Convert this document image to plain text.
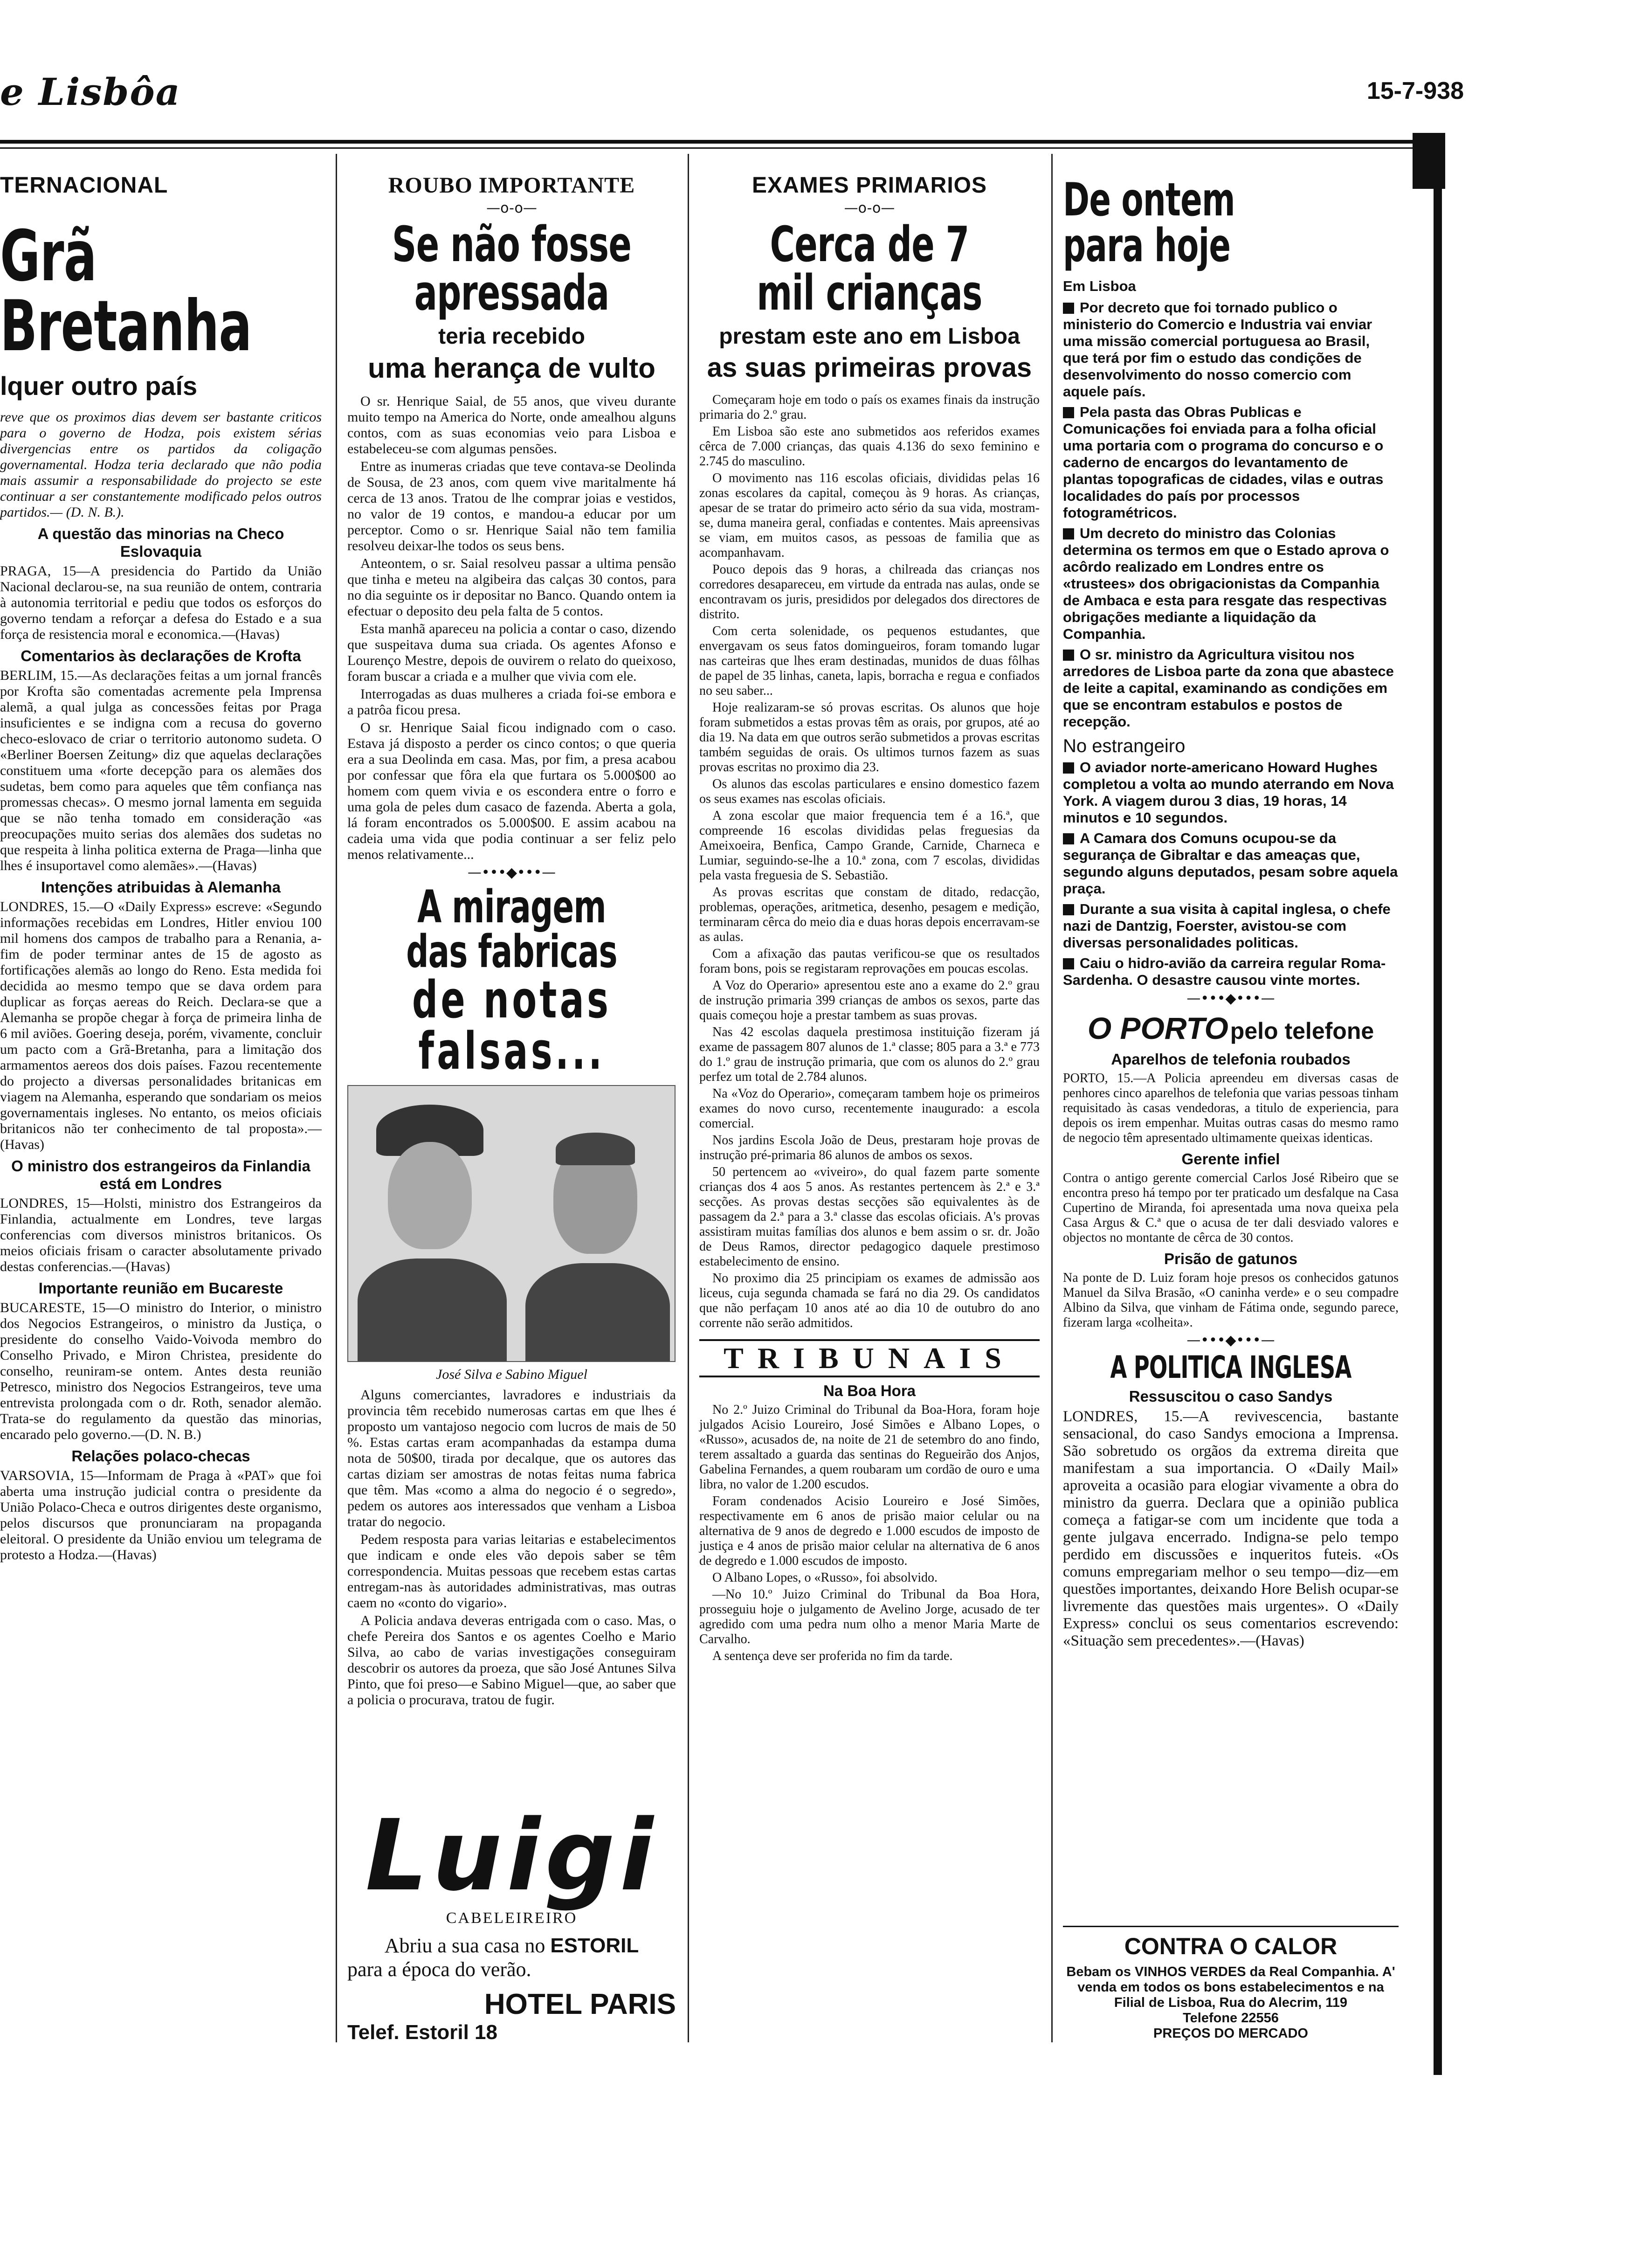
e Lisbôa	15-7-938
TERNACIONAL
Grã Bretanha
lquer outro país
reve que os proximos dias devem ser bastante criticos para o governo de Hodza, pois existem sérias divergencias entre os partidos da coligação governamental. Hodza teria declarado que não podia mais assumir a responsabilidade do projecto se este continuar a ser constantemente modificado pelos outros partidos.— (D. N. B.).
A questão das minorias na Checo Eslovaquia
PRAGA, 15—A presidencia do Partido da União Nacional declarou-se, na sua reunião de ontem, contraria à autonomia territorial e pediu que todos os esforços do governo tendam a reforçar a defesa do Estado e a sua força de resistencia moral e economica.—(Havas)
Comentarios às declarações de Krofta
BERLIM, 15.—As declarações feitas a um jornal francês por Krofta são comentadas acremente pela Imprensa alemã, a qual julga as concessões feitas por Praga insuficientes e se indigna com a recusa do governo checo-eslovaco de criar o territorio autonomo sudeta. O «Berliner Boersen Zeitung» diz que aquelas declarações constituem uma «forte decepção para os alemães dos sudetas, bem como para aqueles que têm confiança nas promessas checas». O mesmo jornal lamenta em seguida que se não tenha tomado em consideração «as preocupações muito serias dos alemães dos sudetas no que respeita à linha politica externa de Praga—linha que lhes é insuportavel como alemães».—(Havas)
Intenções atribuidas à Alemanha
LONDRES, 15.—O «Daily Express» escreve: «Segundo informações recebidas em Londres, Hitler enviou 100 mil homens dos campos de trabalho para a Renania, a-fim de poder terminar antes de 15 de agosto as fortificações alemãs ao longo do Reno. Esta medida foi decidida ao mesmo tempo que se dava ordem para duplicar as forças aereas do Reich. Declara-se que a Alemanha se propõe chegar à força de primeira linha de 6 mil aviões. Goering deseja, porém, vivamente, concluir um pacto com a Grã-Bretanha, para a limitação dos armamentos aereos dos dois países. Fazou recentemente do projecto a diversas personalidades britanicas em viagem na Alemanha, esperando que sondariam os meios governamentais ingleses. No entanto, os meios oficiais britanicos não ter conhecimento de tal proposta».—(Havas)
O ministro dos estrangeiros da Finlandia está em Londres
LONDRES, 15—Holsti, ministro dos Estrangeiros da Finlandia, actualmente em Londres, teve largas conferencias com diversos ministros britanicos. Os meios oficiais frisam o caracter absolutamente privado destas conferencias.—(Havas)
Importante reunião em Bucareste
BUCARESTE, 15—O ministro do Interior, o ministro dos Negocios Estrangeiros, o ministro da Justiça, o presidente do conselho Vaido-Voivoda membro do Conselho Privado, e Miron Christea, presidente do conselho, reuniram-se ontem. Antes desta reunião Petresco, ministro dos Negocios Estrangeiros, teve uma entrevista prolongada com o dr. Roth, senador alemão. Trata-se do regulamento da questão das minorias, encarado pelo governo.—(D. N. B.)
Relações polaco-checas
VARSOVIA, 15—Informam de Praga à «PAT» que foi aberta uma instrução judicial contra o presidente da União Polaco-Checa e outros dirigentes deste organismo, pelos discursos que pronunciaram na propaganda eleitoral. O presidente da União enviou um telegrama de protesto a Hodza.—(Havas)
ROUBO IMPORTANTE
—o-o—
Se não fosse apressada
teria recebido
uma herança de vulto

O sr. Henrique Saial, de 55 anos, que viveu durante muito tempo na America do Norte, onde amealhou alguns contos, com as suas economias veio para Lisboa e estabeleceu-se com algumas pensões.

Entre as inumeras criadas que teve contava-se Deolinda de Sousa, de 23 anos, com quem vive maritalmente há cerca de 13 anos. Tratou de lhe comprar joias e vestidos, no valor de 19 contos, e mandou-a educar por um perceptor. Como o sr. Henrique Saial não tem familia resolveu deixar-lhe todos os seus bens.

Anteontem, o sr. Saial resolveu passar a ultima pensão que tinha e meteu na algibeira das calças 30 contos, para no dia seguinte os ir depositar no Banco. Quando ontem ia efectuar o deposito deu pela falta de 5 contos.

Esta manhã apareceu na policia a contar o caso, dizendo que suspeitava duma sua criada. Os agentes Afonso e Lourenço Mestre, depois de ouvirem o relato do queixoso, foram buscar a criada e a mulher que vivia com ele.

Interrogadas as duas mulheres a criada foi-se embora e a patrôa ficou presa.

O sr. Henrique Saial ficou indignado com o caso. Estava já disposto a perder os cinco contos; o que queria era a sua Deolinda em casa. Mas, por fim, a presa acabou por confessar que fôra ela que furtara os 5.000$00 ao homem com quem vivia e os escondera entre o forro e uma gola de peles dum casaco de fazenda. Aberta a gola, lá foram encontrados os 5.000$00. E assim acabou na cadeia uma vida que podia continuar a ser feliz pelo menos relativamente...

—•••◆•••—
A miragem das fabricas
de notas falsas...
José Silva e Sabino Miguel

Alguns comerciantes, lavradores e industriais da provincia têm recebido numerosas cartas em que lhes é proposto um vantajoso negocio com lucros de mais de 50 %. Estas cartas eram acompanhadas da estampa duma nota de 50$00, tirada por decalque, que os autores das cartas diziam ser amostras de notas feitas numa fabrica que têm. Mas «como a alma do negocio é o segredo», pedem os autores aos interessados que venham a Lisboa tratar do negocio.

Pedem resposta para varias leitarias e estabelecimentos que indicam e onde eles vão depois saber se têm correspondencia. Muitas pessoas que recebem estas cartas entregam-nas às autoridades administrativas, mas outras caem no «conto do vigario».

A Policia andava deveras entrigada com o caso. Mas, o chefe Pereira dos Santos e os agentes Coelho e Mario Silva, ao cabo de varias investigações conseguiram descobrir os autores da proeza, que são José Antunes Silva Pinto, que foi preso—e Sabino Miguel—que, ao saber que a policia o procurava, tratou de fugir.

Luigi
CABELEIREIRO
Abriu a sua casa no ESTORIL
para a época do verão.
HOTEL PARIS
Telef. Estoril 18
EXAMES PRIMARIOS
—o-o—
Cerca de 7 mil crianças
prestam este ano em Lisboa
as suas primeiras provas

Começaram hoje em todo o país os exames finais da instrução primaria do 2.º grau.

Em Lisboa são este ano submetidos aos referidos exames cêrca de 7.000 crianças, das quais 4.136 do sexo feminino e 2.745 do masculino.

O movimento nas 116 escolas oficiais, divididas pelas 16 zonas escolares da capital, começou às 9 horas. As crianças, apesar de se tratar do primeiro acto sério da sua vida, mostram-se, duma maneira geral, confiadas e contentes. Mais apreensivas se viam, em muitos casos, as pessoas de familia que as acompanhavam.

Pouco depois das 9 horas, a chilreada das crianças nos corredores desapareceu, em virtude da entrada nas aulas, onde se encontravam os juris, presididos por delegados dos directores de distrito.

Com certa solenidade, os pequenos estudantes, que envergavam os seus fatos domingueiros, foram tomando lugar nas carteiras que lhes eram destinadas, munidos de duas fôlhas de papel de 35 linhas, caneta, lapis, borracha e regua e confiados no seu saber...

Hoje realizaram-se só provas escritas. Os alunos que hoje foram submetidos a estas provas têm as orais, por grupos, até ao dia 19. Na data em que outros serão submetidos a provas escritas também seguidas de orais. Os ultimos turnos fazem as suas provas escritas no proximo dia 23.

Os alunos das escolas particulares e ensino domestico fazem os seus exames nas escolas oficiais.

A zona escolar que maior frequencia tem é a 16.ª, que compreende 16 escolas divididas pelas freguesias da Ameixoeira, Benfica, Campo Grande, Carnide, Charneca e Lumiar, seguindo-se-lhe a 10.ª zona, com 7 escolas, divididas pela vasta freguesia de S. Sebastião.

As provas escritas que constam de ditado, redacção, problemas, operações, aritmetica, desenho, pesagem e medição, terminaram cêrca do meio dia e duas horas depois encerravam-se as aulas.

Com a afixação das pautas verificou-se que os resultados foram bons, pois se registaram reprovações em poucas escolas.

A Voz do Operario» apresentou este ano a exame do 2.º grau de instrução primaria 399 crianças de ambos os sexos, parte das quais começou hoje a prestar tambem as suas provas.

Nas 42 escolas daquela prestimosa instituição fizeram já exame de passagem 807 alunos de 1.ª classe; 805 para a 3.ª e 773 do 1.º grau de instrução primaria, que com os alunos do 2.º grau perfez um total de 2.784 alunos.

Na «Voz do Operario», começaram tambem hoje os primeiros exames do novo curso, recentemente inaugurado: a escola comercial.

Nos jardins Escola João de Deus, prestaram hoje provas de instrução pré-primaria 86 alunos de ambos os sexos.

50 pertencem ao «viveiro», do qual fazem parte somente crianças dos 4 aos 5 anos. As restantes pertencem às 2.ª e 3.ª secções. As provas destas secções são equivalentes às de passagem da 2.ª para a 3.ª classe das escolas oficiais. A's provas assistiram muitas famílias dos alunos e bem assim o sr. dr. João de Deus Ramos, director pedagogico daquele prestimoso estabelecimento de ensino.

No proximo dia 25 principiam os exames de admissão aos liceus, cuja segunda chamada se fará no dia 29. Os candidatos que não perfaçam 10 anos até ao dia 10 de outubro do ano corrente não serão admitidos.

TRIBUNAIS
Na Boa Hora

No 2.º Juizo Criminal do Tribunal da Boa-Hora, foram hoje julgados Acisio Loureiro, José Simões e Albano Lopes, o «Russo», acusados de, na noite de 21 de setembro do ano findo, terem assaltado a guarda das sentinas do Regueirão dos Anjos, Gabelina Fernandes, a quem roubaram um cordão de ouro e uma libra, no valor de 1.200 escudos.

Foram condenados Acisio Loureiro e José Simões, respectivamente em 6 anos de prisão maior celular ou na alternativa de 9 anos de degredo e 1.000 escudos de imposto de justiça e 4 anos de prisão maior celular na alternativa de 6 anos de degredo e 1.000 escudos de imposto.

O Albano Lopes, o «Russo», foi absolvido.

—No 10.º Juizo Criminal do Tribunal da Boa Hora, prosseguiu hoje o julgamento de Avelino Jorge, acusado de ter agredido com uma pedra num olho a menor Maria Marte de Carvalho.

A sentença deve ser proferida no fim da tarde.

De ontem para hoje
Em Lisboa
Por decreto que foi tornado publico o ministerio do Comercio e Industria vai enviar uma missão comercial portuguesa ao Brasil, que terá por fim o estudo das condições de desenvolvimento do nosso comercio com aquele país.
Pela pasta das Obras Publicas e Comunicações foi enviada para a folha oficial uma portaria com o programa do concurso e o caderno de encargos do levantamento de plantas topograficas de cidades, vilas e outras localidades do país por processos fotogramétricos.
Um decreto do ministro das Colonias determina os termos em que o Estado aprova o acôrdo realizado em Londres entre os «trustees» dos obrigacionistas da Companhia de Ambaca e esta para resgate das respectivas obrigações mediante a liquidação da Companhia.
O sr. ministro da Agricultura visitou nos arredores de Lisboa parte da zona que abastece de leite a capital, examinando as condições em que se encontram estabulos e postos de recepção.
No estrangeiro
O aviador norte-americano Howard Hughes completou a volta ao mundo aterrando em Nova York. A viagem durou 3 dias, 19 horas, 14 minutos e 10 segundos.
A Camara dos Comuns ocupou-se da segurança de Gibraltar e das ameaças que, segundo alguns deputados, pesam sobre aquela praça.
Durante a sua visita à capital inglesa, o chefe nazi de Dantzig, Foerster, avistou-se com diversas personalidades politicas.
Caiu o hidro-avião da carreira regular Roma-Sardenha. O desastre causou vinte mortes.
—•••◆•••—
O PORTO pelo telefone
Aparelhos de telefonia roubados
PORTO, 15.—A Policia apreendeu em diversas casas de penhores cinco aparelhos de telefonia que varias pessoas tinham requisitado às casas vendedoras, a titulo de experiencia, para depois os irem empenhar. Muitas outras casas do mesmo ramo de negocio têm apresentado ultimamente queixas identicas.
Gerente infiel
Contra o antigo gerente comercial Carlos José Ribeiro que se encontra preso há tempo por ter praticado um desfalque na Casa Cupertino de Miranda, foi apresentada uma nova queixa pela Casa Argus & C.ª que o acusa de ter dali desviado valores e objectos no montante de cêrca de 30 contos.
Prisão de gatunos
Na ponte de D. Luiz foram hoje presos os conhecidos gatunos Manuel da Silva Brasão, «O caninha verde» e o seu compadre Albino da Silva, que vinham de Fátima onde, segundo parece, fizeram larga «colheita».
—•••◆•••—
A POLITICA INGLESA
Ressuscitou o caso Sandys
LONDRES, 15.—A revivescencia, bastante sensacional, do caso Sandys emociona a Imprensa. São sobretudo os orgãos da extrema direita que manifestam a sua importancia. O «Daily Mail» aproveita a ocasião para elogiar vivamente a obra do ministro da guerra. Declara que a opinião publica começa a fatigar-se com um incidente que toda a gente julgava encerrado. Indigna-se pelo tempo perdido em discussões e inqueritos futeis. «Os comuns empregariam melhor o seu tempo—diz—em questões importantes, deixando Hore Belish ocupar-se livremente das questões mais urgentes». O «Daily Express» conclui os seus comentarios escrevendo: «Situação sem precedentes».—(Havas)
CONTRA O CALOR
Bebam os VINHOS VERDES da Real Companhia. A' venda em todos os bons estabelecimentos e na Filial de Lisboa, Rua do Alecrim, 119
Telefone 22556
PREÇOS DO MERCADO
